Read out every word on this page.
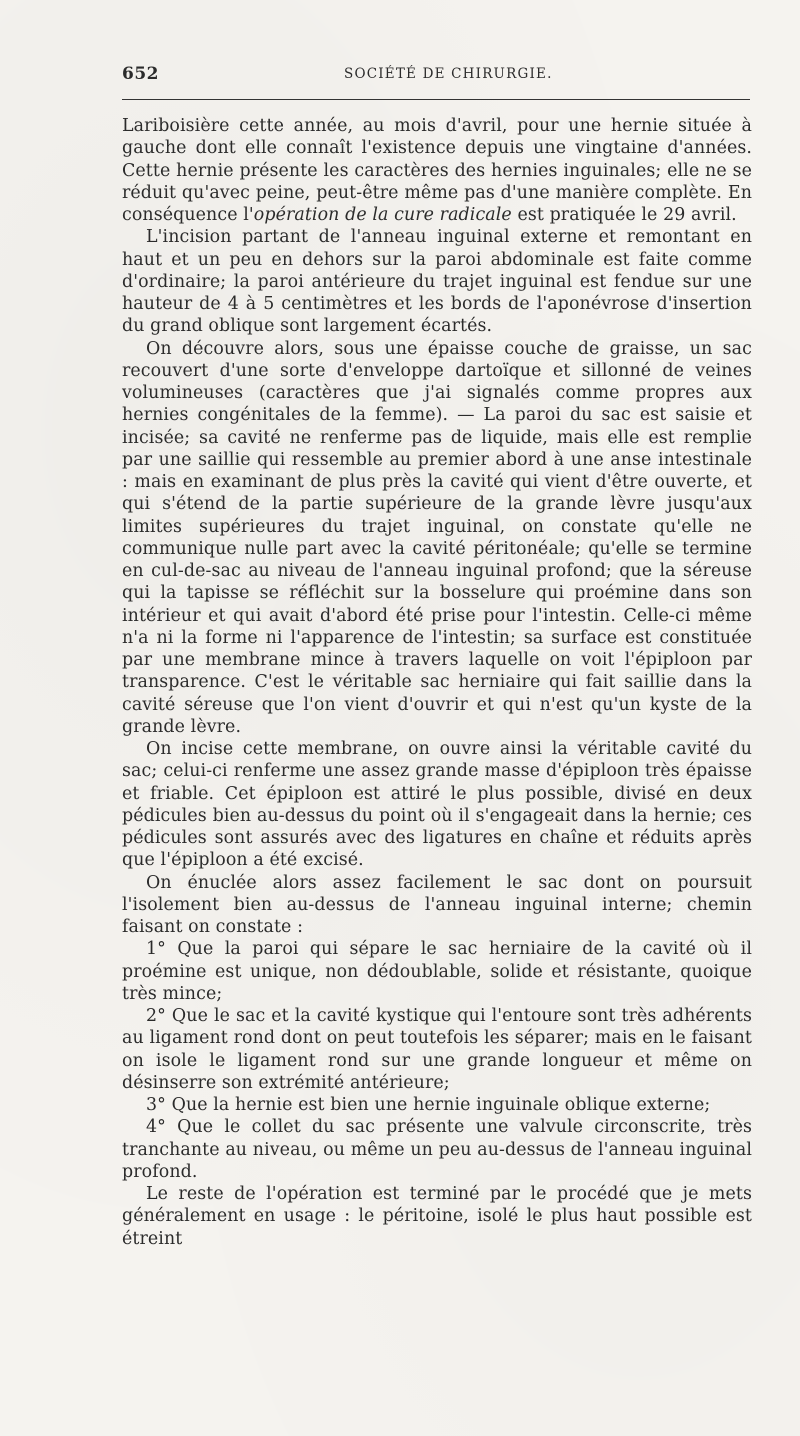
652	SOCIÉTÉ DE CHIRURGIE.

Lariboisière cette année, au mois d'avril, pour une hernie située à gauche dont elle connaît l'existence depuis une vingtaine d'années. Cette hernie présente les caractères des hernies inguinales; elle ne se réduit qu'avec peine, peut-être même pas d'une manière complète. En conséquence l'opération de la cure radicale est pratiquée le 29 avril.

L'incision partant de l'anneau inguinal externe et remontant en haut et un peu en dehors sur la paroi abdominale est faite comme d'ordinaire; la paroi antérieure du trajet inguinal est fendue sur une hauteur de 4 à 5 centimètres et les bords de l'aponévrose d'insertion du grand oblique sont largement écartés.

On découvre alors, sous une épaisse couche de graisse, un sac recouvert d'une sorte d'enveloppe dartoïque et sillonné de veines volumineuses (caractères que j'ai signalés comme propres aux hernies congénitales de la femme). — La paroi du sac est saisie et incisée; sa cavité ne renferme pas de liquide, mais elle est remplie par une saillie qui ressemble au premier abord à une anse intestinale : mais en examinant de plus près la cavité qui vient d'être ouverte, et qui s'étend de la partie supérieure de la grande lèvre jusqu'aux limites supérieures du trajet inguinal, on constate qu'elle ne communique nulle part avec la cavité péritonéale; qu'elle se termine en cul-de-sac au niveau de l'anneau inguinal profond; que la séreuse qui la tapisse se réfléchit sur la bosselure qui proémine dans son intérieur et qui avait d'abord été prise pour l'intestin. Celle-ci même n'a ni la forme ni l'apparence de l'intestin; sa surface est constituée par une membrane mince à travers laquelle on voit l'épiploon par transparence. C'est le véritable sac herniaire qui fait saillie dans la cavité séreuse que l'on vient d'ouvrir et qui n'est qu'un kyste de la grande lèvre.

On incise cette membrane, on ouvre ainsi la véritable cavité du sac; celui-ci renferme une assez grande masse d'épiploon très épaisse et friable. Cet épiploon est attiré le plus possible, divisé en deux pédicules bien au-dessus du point où il s'engageait dans la hernie; ces pédicules sont assurés avec des ligatures en chaîne et réduits après que l'épiploon a été excisé.

On énuclée alors assez facilement le sac dont on poursuit l'isolement bien au-dessus de l'anneau inguinal interne; chemin faisant on constate :

1° Que la paroi qui sépare le sac herniaire de la cavité où il proémine est unique, non dédoublable, solide et résistante, quoique très mince;

2° Que le sac et la cavité kystique qui l'entoure sont très adhérents au ligament rond dont on peut toutefois les séparer; mais en le faisant on isole le ligament rond sur une grande longueur et même on désinserre son extrémité antérieure;

3° Que la hernie est bien une hernie inguinale oblique externe;

4° Que le collet du sac présente une valvule circonscrite, très tranchante au niveau, ou même un peu au-dessus de l'anneau inguinal profond.

Le reste de l'opération est terminé par le procédé que je mets généralement en usage : le péritoine, isolé le plus haut possible est étreint
